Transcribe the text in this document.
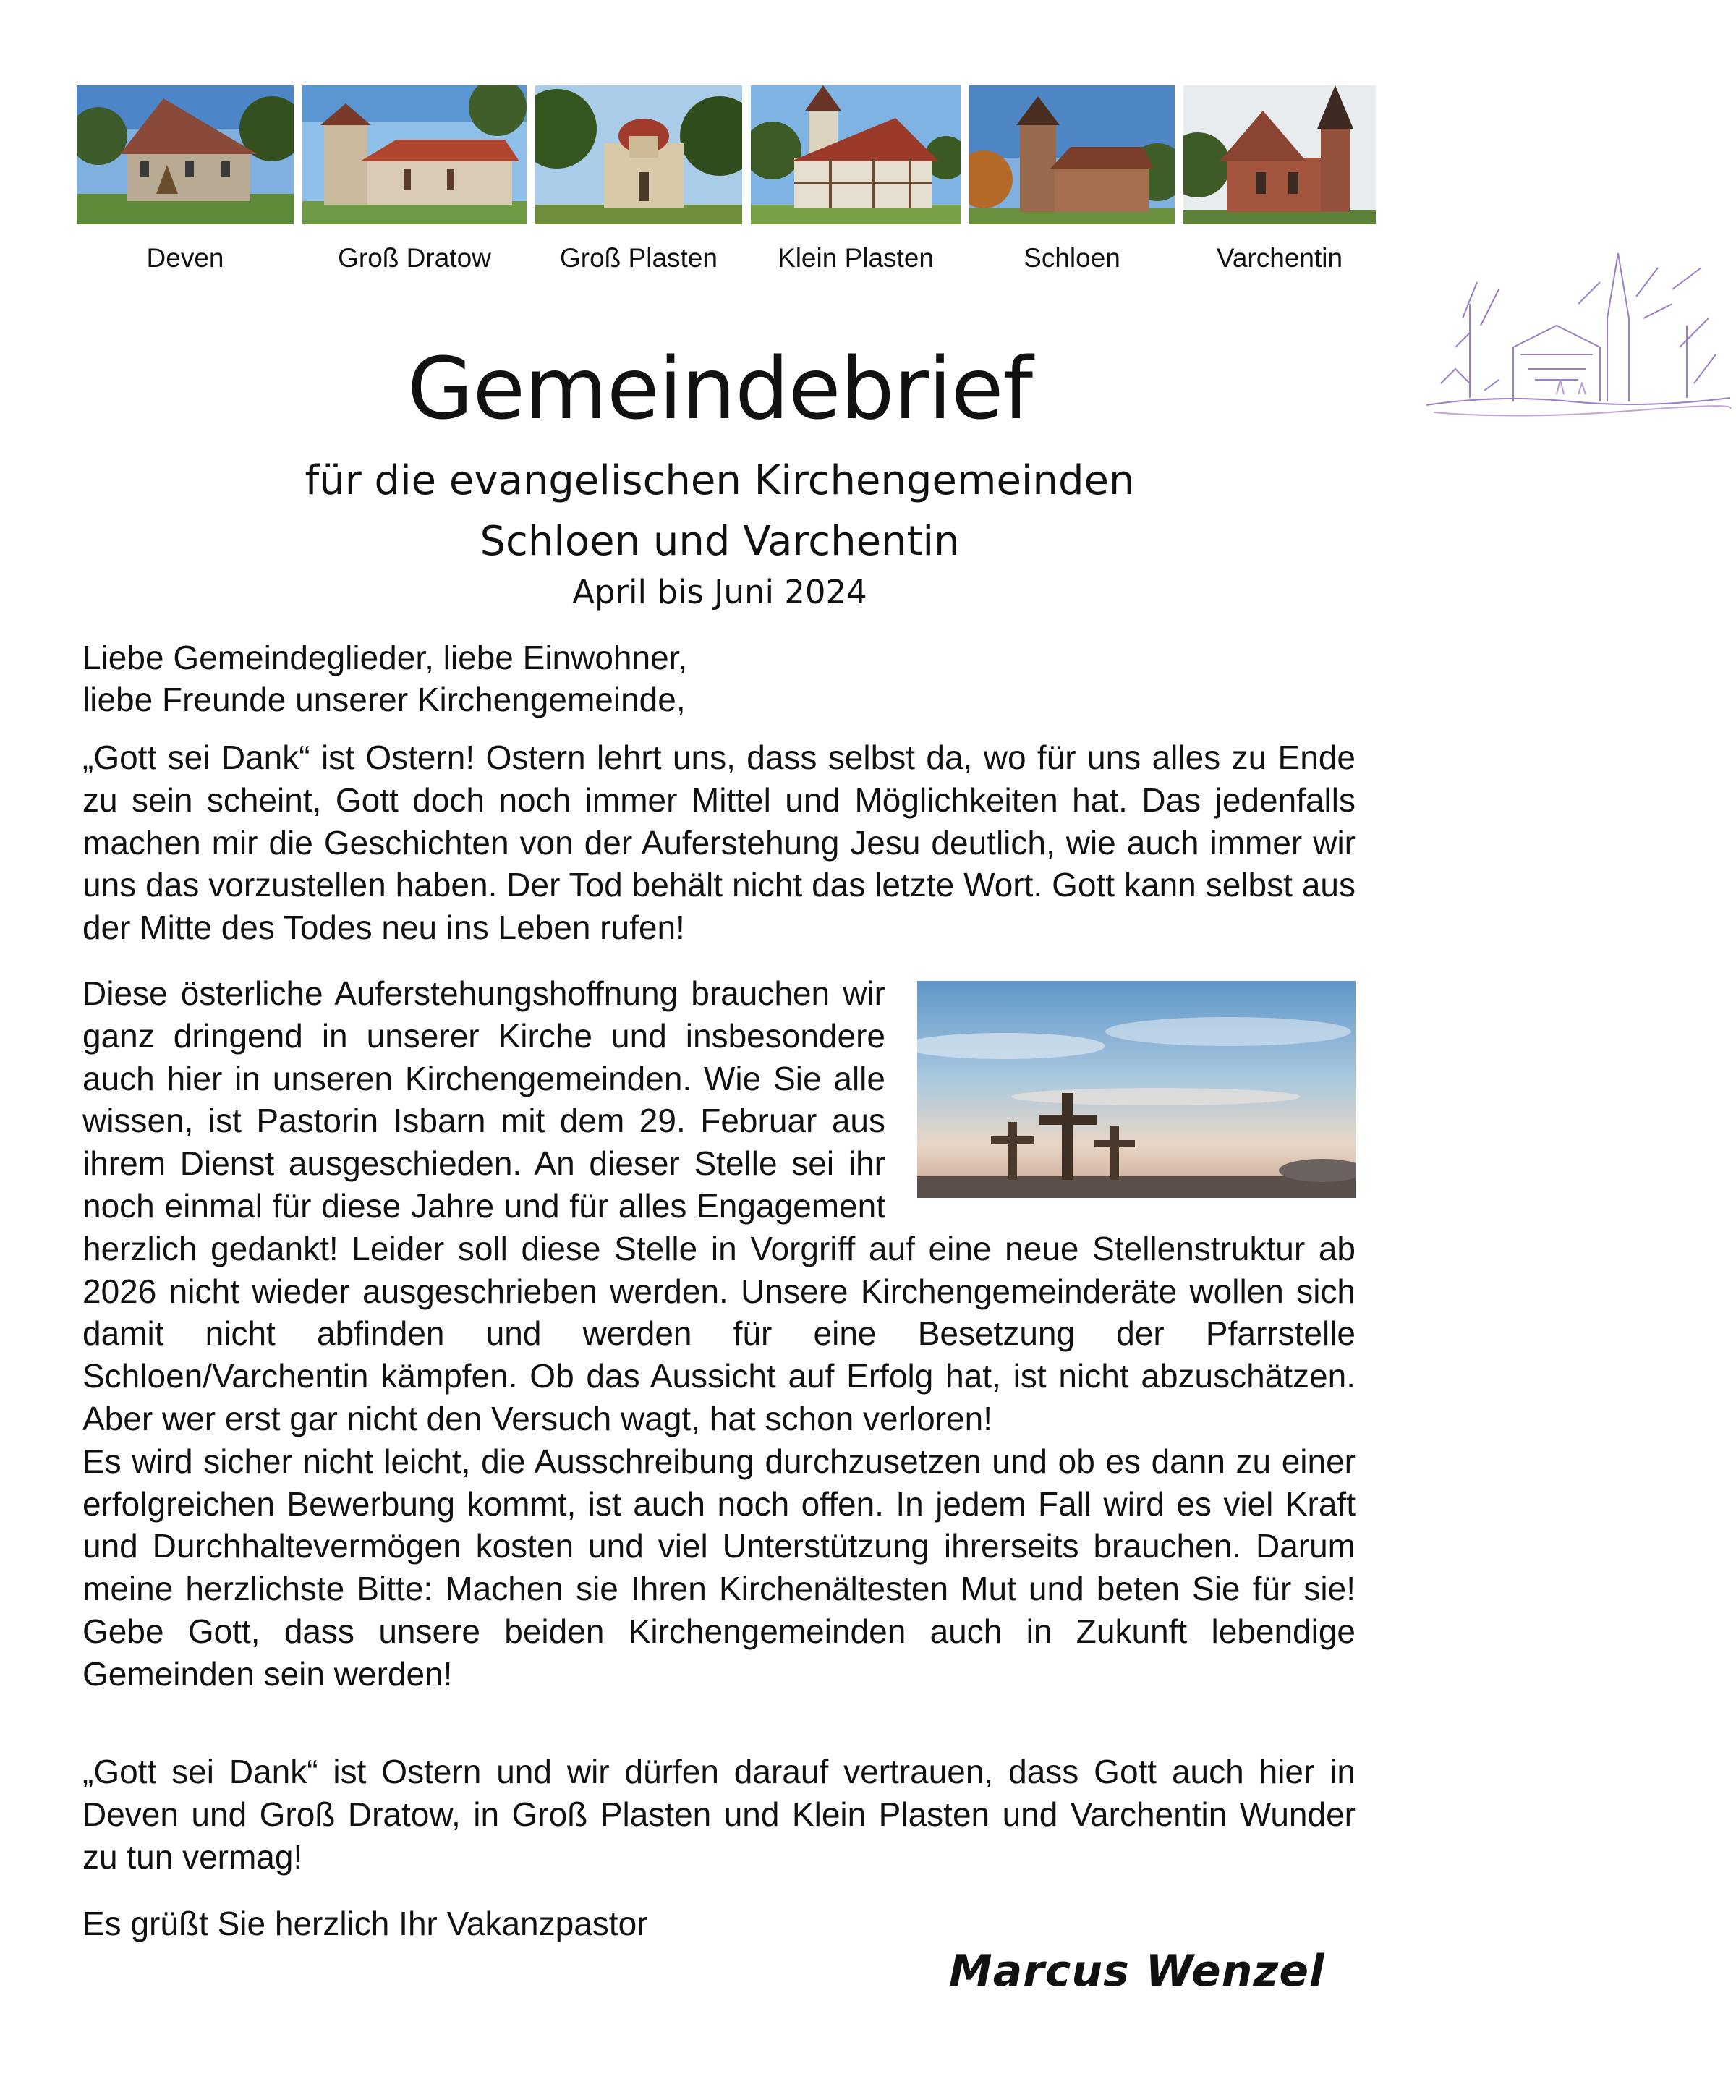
Deven	Groß Dratow	Groß Plasten	Klein Plasten	Schloen	Varchentin
Gemeindebrief
für die evangelischen Kirchengemeinden
Schloen und Varchentin
April bis Juni 2024
Liebe Gemeindeglieder, liebe Einwohner,
liebe Freunde unserer Kirchengemeinde,

„Gott sei Dank“ ist Ostern! Ostern lehrt uns, dass selbst da, wo für uns alles zu Ende zu sein scheint, Gott doch noch immer Mittel und Möglichkeiten hat. Das jedenfalls machen mir die Geschichten von der Auferstehung Jesu deutlich, wie auch immer wir uns das vorzustellen haben. Der Tod behält nicht das letzte Wort. Gott kann selbst aus der Mitte des Todes neu ins Leben rufen!

Diese österliche Auferstehungshoffnung brauchen wir ganz dringend in unserer Kirche und insbesondere auch hier in unseren Kirchengemeinden. Wie Sie alle wissen, ist Pastorin Isbarn mit dem 29. Februar aus ihrem Dienst ausgeschieden. An dieser Stelle sei ihr noch einmal für diese Jahre und für alles Engagement herzlich gedankt! Leider soll diese Stelle in Vorgriff auf eine neue Stellenstruktur ab 2026 nicht wieder ausgeschrieben werden. Unsere Kirchengemeinderäte wollen sich damit nicht abfinden und werden für eine Besetzung der Pfarrstelle Schloen/Varchentin kämpfen. Ob das Aussicht auf Erfolg hat, ist nicht abzuschätzen. Aber wer erst gar nicht den Versuch wagt, hat schon verloren!

Es wird sicher nicht leicht, die Ausschreibung durchzusetzen und ob es dann zu einer erfolgreichen Bewerbung kommt, ist auch noch offen. In jedem Fall wird es viel Kraft und Durchhaltevermögen kosten und viel Unterstützung ihrerseits brauchen. Darum meine herzlichste Bitte: Machen sie Ihren Kirchenältesten Mut und beten Sie für sie! Gebe Gott, dass unsere beiden Kirchengemeinden auch in Zukunft lebendige Gemeinden sein werden!

„Gott sei Dank“ ist Ostern und wir dürfen darauf vertrauen, dass Gott auch hier in Deven und Groß Dratow, in Groß Plasten und Klein Plasten und Varchentin Wunder zu tun vermag!

Es grüßt Sie herzlich Ihr Vakanzpastor

Marcus Wenzel
